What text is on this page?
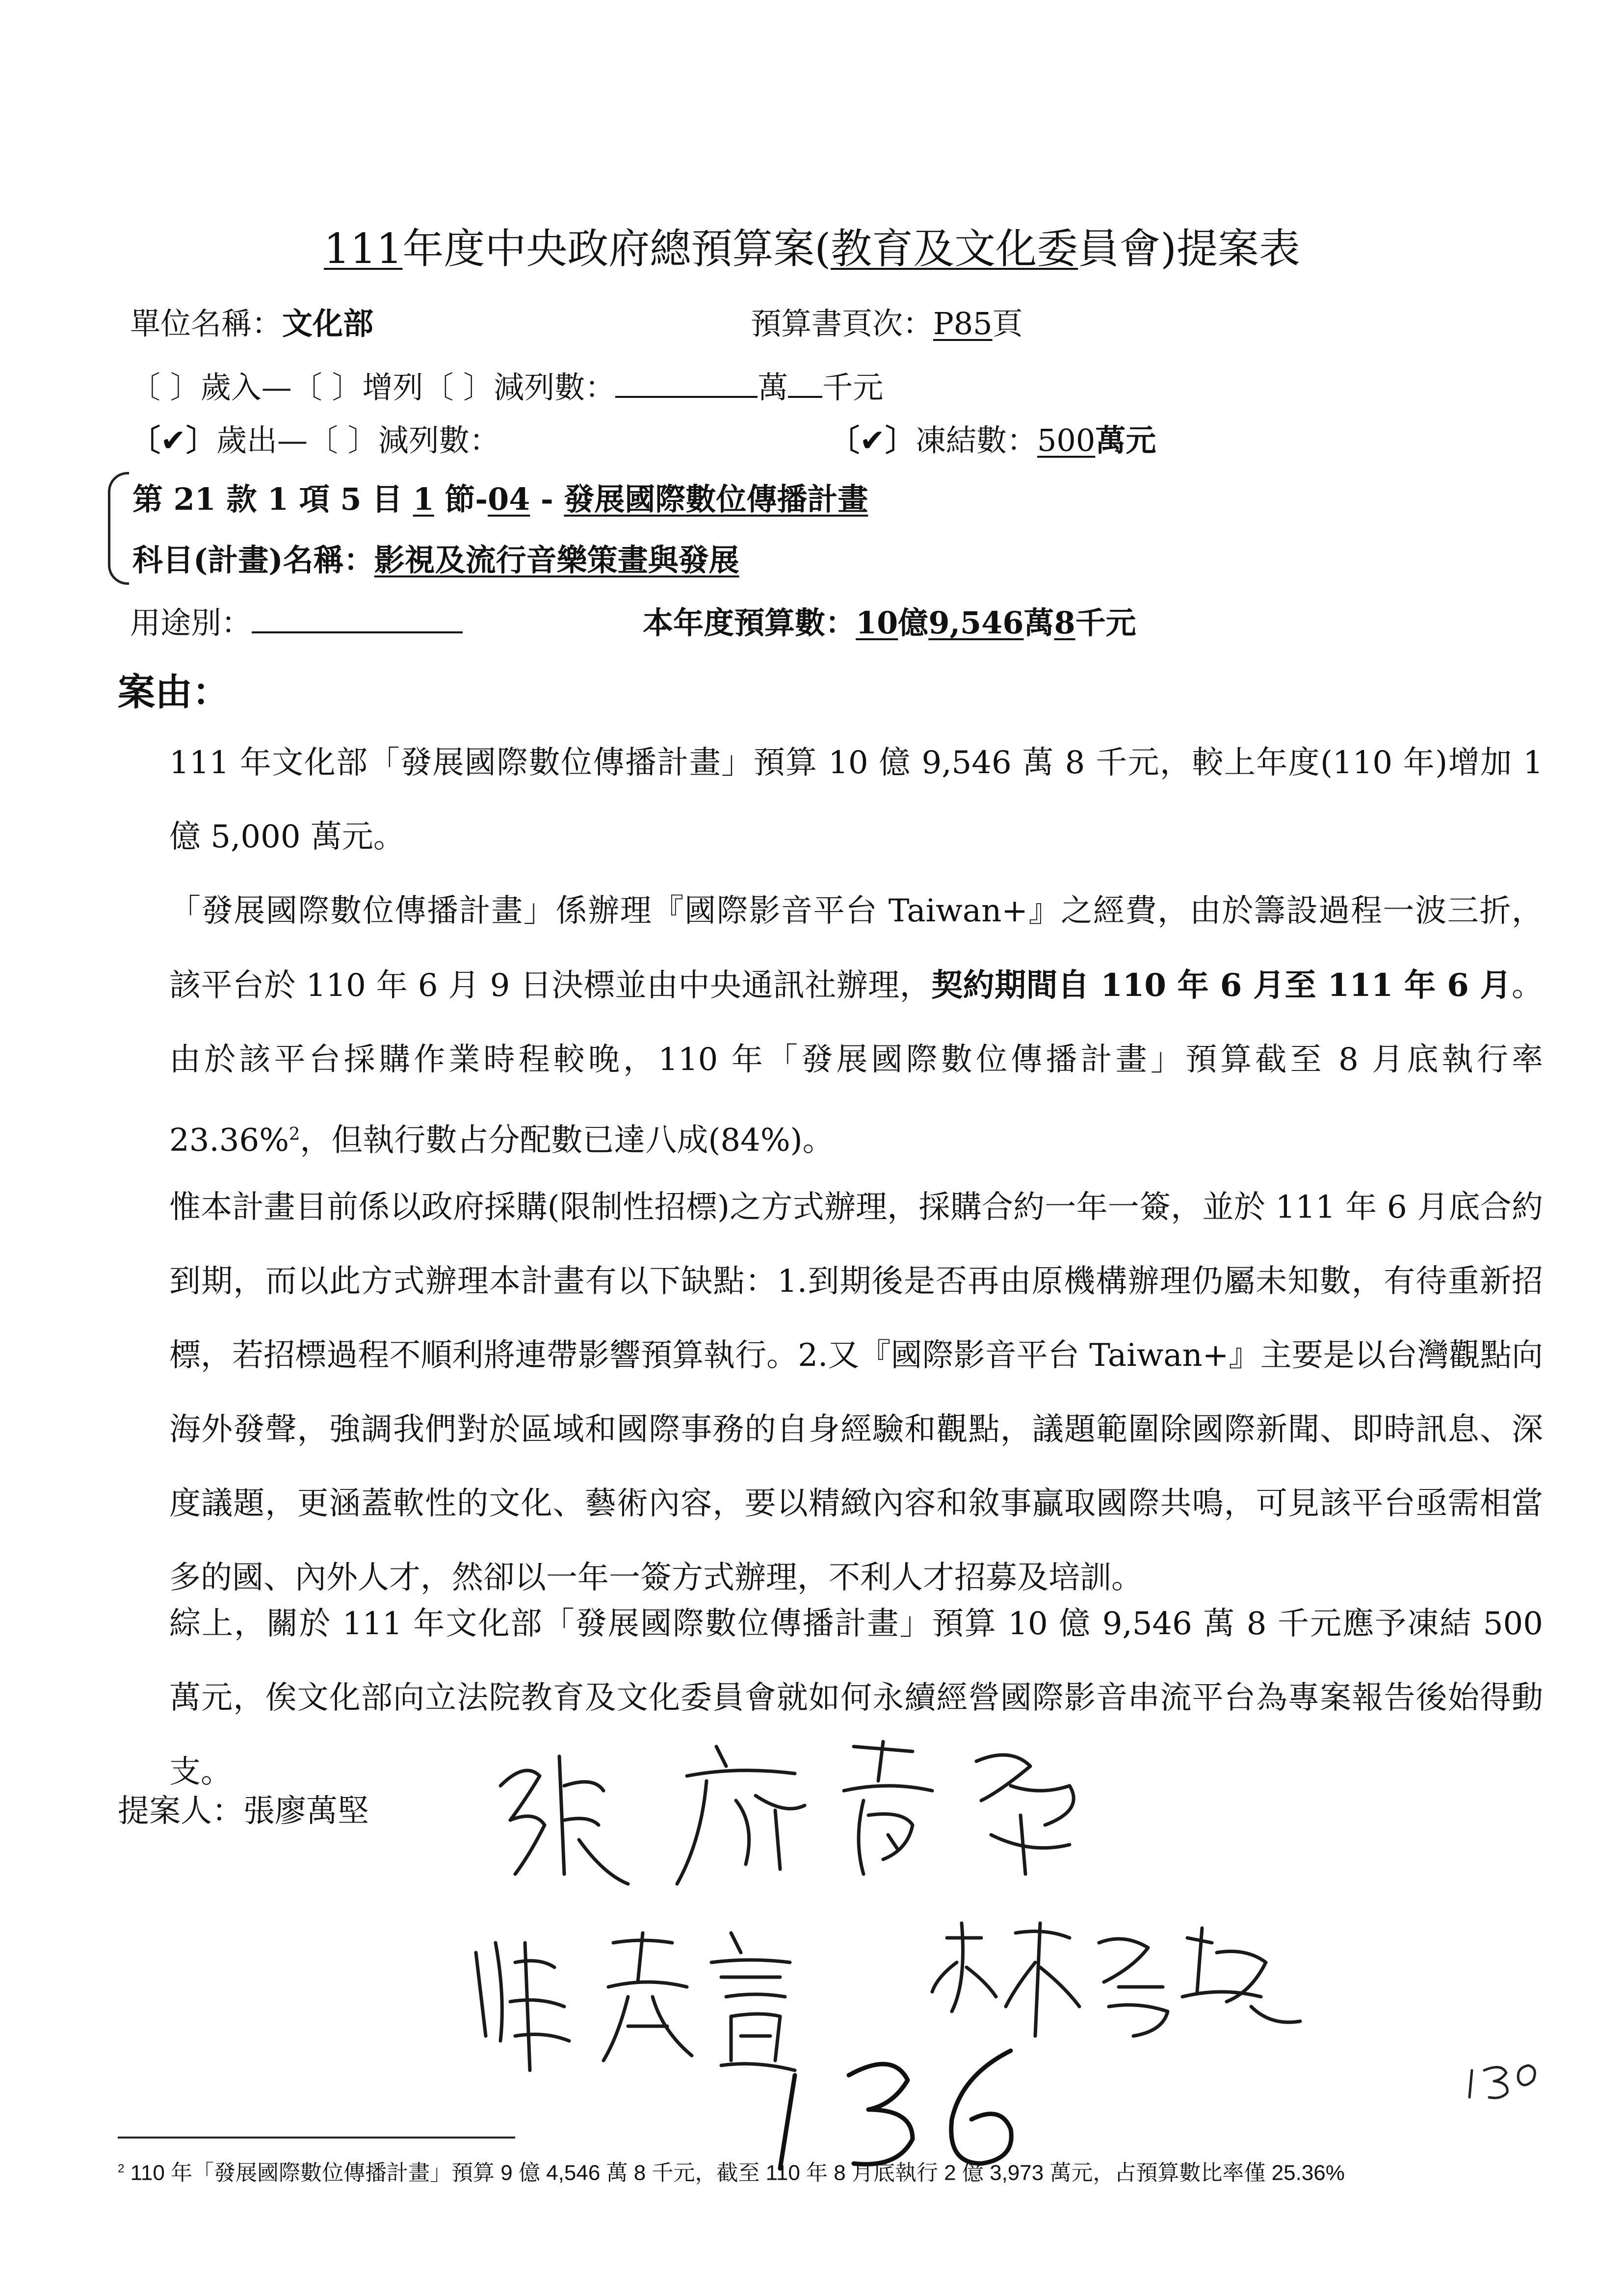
111年度中央政府總預算案(教育及文化委員會)提案表
單位名稱：文化部	預算書頁次：P85頁
〔 〕歲入—〔 〕增列〔 〕減列數：	萬 千元
〔✔〕歲出—〔 〕減列數：	〔✔〕凍結數：500萬元
第 21 款 1 項 5 目 1 節-04 - 發展國際數位傳播計畫
科目(計畫)名稱：影視及流行音樂策畫與發展
用途別：	本年度預算數：10億9,546萬8千元
案由：

111 年文化部「發展國際數位傳播計畫」預算 10 億 9,546 萬 8 千元，較上年度(110 年)增加 1 億 5,000 萬元。

「發展國際數位傳播計畫」係辦理『國際影音平台 Taiwan+』之經費，由於籌設過程一波三折，該平台於 110 年 6 月 9 日決標並由中央通訊社辦理，契約期間自 110 年 6 月至 111 年 6 月。由於該平台採購作業時程較晚，110 年「發展國際數位傳播計畫」預算截至 8 月底執行率 23.36%$^2$，但執行數占分配數已達八成(84%)。

惟本計畫目前係以政府採購(限制性招標)之方式辦理，採購合約一年一簽，並於 111 年 6 月底合約到期，而以此方式辦理本計畫有以下缺點：1.到期後是否再由原機構辦理仍屬未知數，有待重新招標，若招標過程不順利將連帶影響預算執行。2.又『國際影音平台 Taiwan+』主要是以台灣觀點向海外發聲，強調我們對於區域和國際事務的自身經驗和觀點，議題範圍除國際新聞、即時訊息、深度議題，更涵蓋軟性的文化、藝術內容，要以精緻內容和敘事贏取國際共鳴，可見該平台亟需相當多的國、內外人才，然卻以一年一簽方式辦理，不利人才招募及培訓。

綜上，關於 111 年文化部「發展國際數位傳播計畫」預算 10 億 9,546 萬 8 千元應予凍結 500 萬元，俟文化部向立法院教育及文化委員會就如何永續經營國際影音串流平台為專案報告後始得動支。

提案人：張廖萬堅
$^2$ 110 年「發展國際數位傳播計畫」預算 9 億 4,546 萬 8 千元，截至 110 年 8 月底執行 2 億 3,973 萬元，占預算數比率僅 25.36%
